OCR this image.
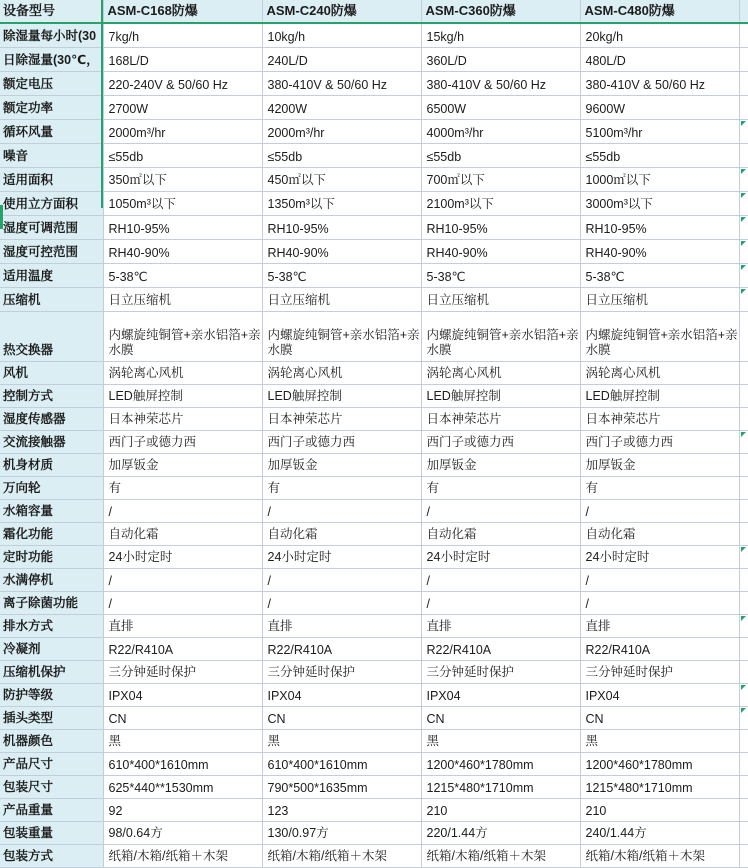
设备型号	ASM-C168防爆	ASM-C240防爆	ASM-C360防爆	ASM-C480防爆	
除湿量每小时(30	7kg/h	10kg/h	15kg/h	20kg/h	
日除湿量(30℃，	168L/D	240L/D	360L/D	480L/D	
额定电压	220-240V & 50/60 Hz	380-410V & 50/60 Hz	380-410V & 50/60 Hz	380-410V & 50/60 Hz	
额定功率	2700W	4200W	6500W	9600W	
循环风量	2000m³/hr	2000m³/hr	4000m³/hr	5100m³/hr	

噪音	≤55db	≤55db	≤55db	≤55db	
适用面积	350㎡以下	450㎡以下	700㎡以下	1000㎡以下	

使用立方面积	1050m³以下	1350m³以下	2100m³以下	3000m³以下	

湿度可调范围	RH10-95%	RH10-95%	RH10-95%	RH10-95%	

湿度可控范围	RH40-90%	RH40-90%	RH40-90%	RH40-90%	

适用温度	5-38℃	5-38℃	5-38℃	5-38℃	

压缩机	日立压缩机	日立压缩机	日立压缩机	日立压缩机	

热交换器	内螺旋纯铜管+亲水铝箔+亲水膜	内螺旋纯铜管+亲水铝箔+亲水膜	内螺旋纯铜管+亲水铝箔+亲水膜	内螺旋纯铜管+亲水铝箔+亲水膜	
风机	涡轮离心风机	涡轮离心风机	涡轮离心风机	涡轮离心风机	
控制方式	LED触屏控制	LED触屏控制	LED触屏控制	LED触屏控制	
湿度传感器	日本神荣芯片	日本神荣芯片	日本神荣芯片	日本神荣芯片	
交流接触器	西门子或德力西	西门子或德力西	西门子或德力西	西门子或德力西	

机身材质	加厚钣金	加厚钣金	加厚钣金	加厚钣金	
万向轮	有	有	有	有	
水箱容量	/	/	/	/	
霜化功能	自动化霜	自动化霜	自动化霜	自动化霜	
定时功能	24小时定时	24小时定时	24小时定时	24小时定时	

水满停机	/	/	/	/	
离子除菌功能	/	/	/	/	
排水方式	直排	直排	直排	直排	

冷凝剂	R22/R410A	R22/R410A	R22/R410A	R22/R410A	
压缩机保护	三分钟延时保护	三分钟延时保护	三分钟延时保护	三分钟延时保护	
防护等级	IPX04	IPX04	IPX04	IPX04	

插头类型	CN	CN	CN	CN	

机器颜色	黑	黑	黑	黑	
产品尺寸	610*400*1610mm	610*400*1610mm	1200*460*1780mm	1200*460*1780mm	
包装尺寸	625*440**1530mm	790*500*1635mm	1215*480*1710mm	1215*480*1710mm	
产品重量	92	123	210	210	
包装重量	98/0.64方	130/0.97方	220/1.44方	240/1.44方	
包装方式	纸箱/木箱/纸箱＋木架	纸箱/木箱/纸箱＋木架	纸箱/木箱/纸箱＋木架	纸箱/木箱/纸箱＋木架	
